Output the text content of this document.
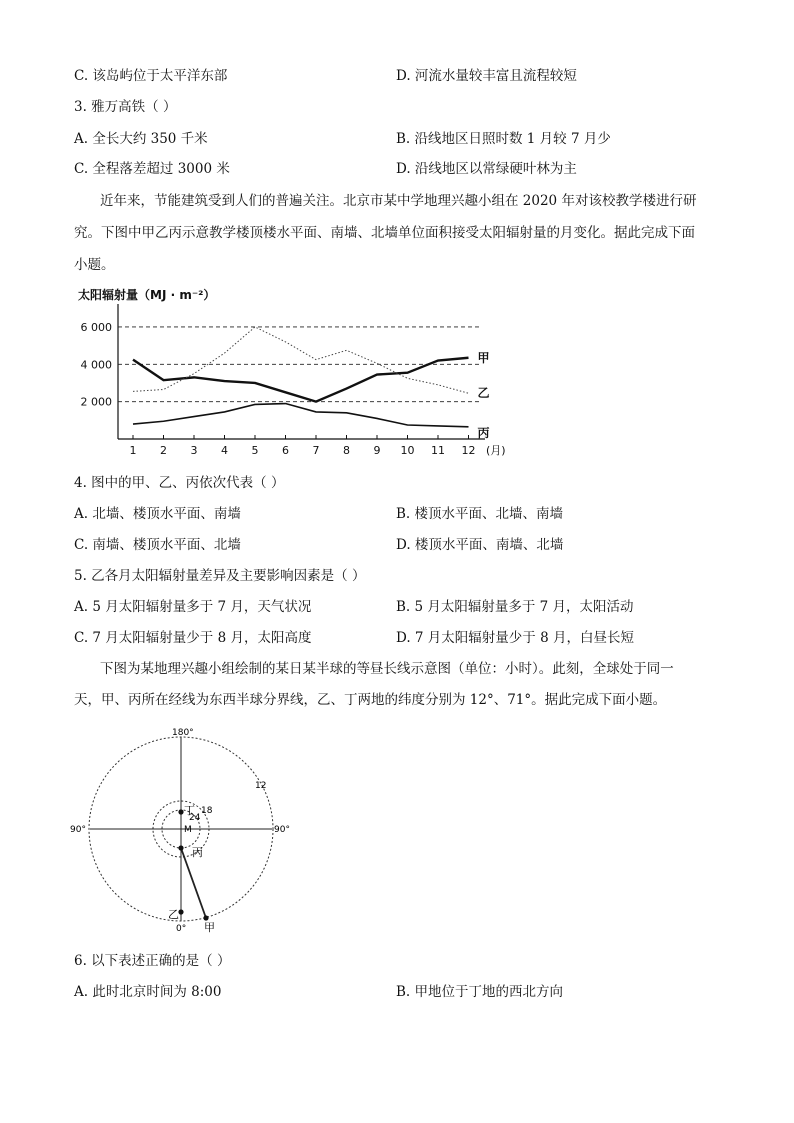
C. 该岛屿位于太平洋东部	D. 河流水量较丰富且流程较短
3. 雅万高铁（ ）
A. 全长大约 350 千米	B. 沿线地区日照时数 1 月较 7 月少
C. 全程落差超过 3000 米	D. 沿线地区以常绿硬叶林为主
近年来，节能建筑受到人们的普遍关注。北京市某中学地理兴趣小组在 2020 年对该校教学楼进行研
究。下图中甲乙丙示意教学楼顶楼水平面、南墙、北墙单位面积接受太阳辐射量的月变化。据此完成下面
小题。
太阳辐射量（MJ · m⁻²）
(月)
2 000
4 000
6 000
1 2 3 4 5 6 7 8 9 10 11 12
甲
乙
丙
4. 图中的甲、乙、丙依次代表（ ）
A. 北墙、楼顶水平面、南墙	B. 楼顶水平面、北墙、南墙
C. 南墙、楼顶水平面、北墙	D. 楼顶水平面、南墙、北墙
5. 乙各月太阳辐射量差异及主要影响因素是（ ）
A. 5 月太阳辐射量多于 7 月，天气状况	B. 5 月太阳辐射量多于 7 月，太阳活动
C. 7 月太阳辐射量少于 8 月，太阳高度	D. 7 月太阳辐射量少于 8 月，白昼长短
下图为某地理兴趣小组绘制的某日某半球的等昼长线示意图（单位：小时）。此刻，全球处于同一
天，甲、丙所在经线为东西半球分界线，乙、丁两地的纬度分别为 12°、71°。据此完成下面小题。
180°
0°
90°	90°
12
18
24
M
丁
丙
乙
甲
6. 以下表述正确的是（ ）
A. 此时北京时间为 8:00	B. 甲地位于丁地的西北方向
